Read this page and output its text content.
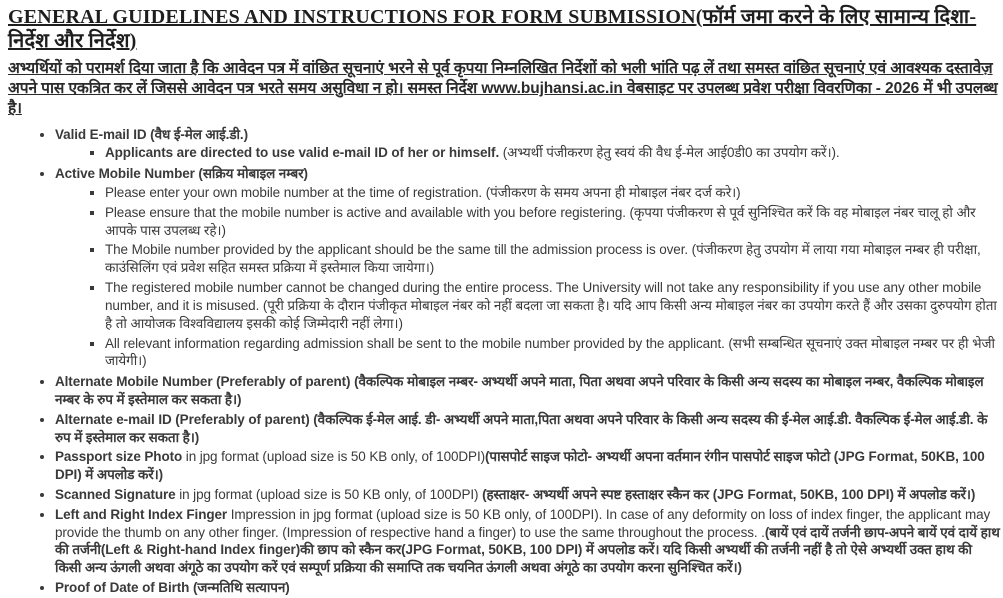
GENERAL GUIDELINES AND INSTRUCTIONS FOR FORM SUBMISSION(फॉर्म जमा करने के लिए सामान्य दिशा-निर्देश और निर्देश)

अभ्यर्थियों को परामर्श दिया जाता है कि आवेदन पत्र में वांछित सूचनाएं भरने से पूर्व कृपया निम्नलिखित निर्देशों को भली भांति पढ़ लें तथा समस्त वांछित सूचनाएं एवं आवश्यक दस्तावेज़ अपने पास एकत्रित कर लें जिससे आवेदन पत्र भरते समय असुविधा न हो। समस्त निर्देश www.bujhansi.ac.in वेबसाइट पर उपलब्ध प्रवेश परीक्षा विवरणिका - 2026 में भी उपलब्ध है।

• Valid E-mail ID (वैध ई-मेल आई.डी.)
▪ Applicants are directed to use valid e-mail ID of her or himself. (अभ्यर्थी पंजीकरण हेतु स्वयं की वैध ई-मेल आई0डी0 का उपयोग करें।).
• Active Mobile Number (सक्रिय मोबाइल नम्बर)
▪ Please enter your own mobile number at the time of registration. (पंजीकरण के समय अपना ही मोबाइल नंबर दर्ज करे।)
▪ Please ensure that the mobile number is active and available with you before registering. (कृपया पंजीकरण से पूर्व सुनिश्चित करें कि वह मोबाइल नंबर चालू हो और आपके पास उपलब्ध रहे।)
▪ The Mobile number provided by the applicant should be the same till the admission process is over. (पंजीकरण हेतु उपयोग में लाया गया मोबाइल नम्बर ही परीक्षा, काउंसिलिंग एवं प्रवेश सहित समस्त प्रक्रिया में इस्तेमाल किया जायेगा।)
▪ The registered mobile number cannot be changed during the entire process. The University will not take any responsibility if you use any other mobile number, and it is misused. (पूरी प्रक्रिया के दौरान पंजीकृत मोबाइल नंबर को नहीं बदला जा सकता है। यदि आप किसी अन्य मोबाइल नंबर का उपयोग करते हैं और उसका दुरुपयोग होता है तो आयोजक विश्वविद्यालय इसकी कोई जिम्मेदारी नहीं लेगा।)
▪ All relevant information regarding admission shall be sent to the mobile number provided by the applicant. (सभी सम्बन्धित सूचनाएं उक्त मोबाइल नम्बर पर ही भेजी जायेगी।)
• Alternate Mobile Number (Preferably of parent) (वैकल्पिक मोबाइल नम्बर- अभ्यर्थी अपने माता, पिता अथवा अपने परिवार के किसी अन्य सदस्य का मोबाइल नम्बर, वैकल्पिक मोबाइल नम्बर के रुप में इस्तेमाल कर सकता है।)
• Alternate e-mail ID (Preferably of parent) (वैकल्पिक ई-मेल आई. डी- अभ्यर्थी अपने माता,पिता अथवा अपने परिवार के किसी अन्य सदस्य की ई-मेल आई.डी. वैकल्पिक ई-मेल आई.डी. के रुप में इस्तेमाल कर सकता है।)
• Passport size Photo in jpg format (upload size is 50 KB only, of 100DPI)(पासपोर्ट साइज फोटो- अभ्यर्थी अपना वर्तमान रंगीन पासपोर्ट साइज फोटो (JPG Format, 50KB, 100 DPI) में अपलोड करें।)
• Scanned Signature in jpg format (upload size is 50 KB only, of 100DPI) (हस्ताक्षर- अभ्यर्थी अपने स्पष्ट हस्ताक्षर स्कैन कर (JPG Format, 50KB, 100 DPI) में अपलोड करें।)
• Left and Right Index Finger Impression in jpg format (upload size is 50 KB only, of 100DPI). In case of any deformity on loss of index finger, the applicant may provide the thumb on any other finger. (Impression of respective hand a finger) to use the same throughout the process. .(बायें एवं दायें तर्जनी छाप-अपने बायें एवं दायें हाथ की तर्जनी(Left & Right-hand Index finger)की छाप को स्कैन कर(JPG Format, 50KB, 100 DPI) में अपलोड करें। यदि किसी अभ्यर्थी की तर्जनी नहीं है तो ऐसे अभ्यर्थी उक्त हाथ की किसी अन्य ऊंगली अथवा अंगूठे का उपयोग करें एवं सम्पूर्ण प्रक्रिया की समाप्ति तक चयनित ऊंगली अथवा अंगूठे का उपयोग करना सुनिश्चित करें।)
• Proof of Date of Birth (जन्मतिथि सत्यापन)
